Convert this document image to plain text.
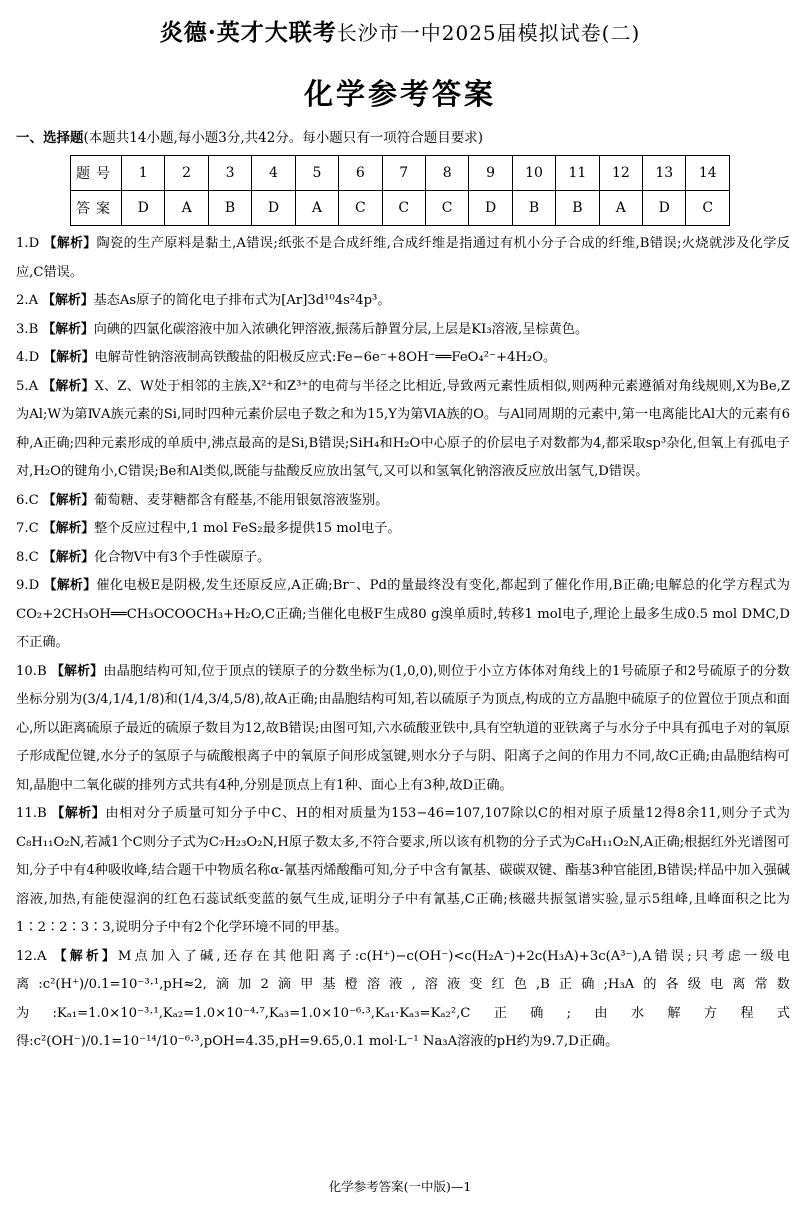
炎德·英才大联考长沙市一中2025届模拟试卷(二)
化学参考答案
一、选择题(本题共14小题,每小题3分,共42分。每小题只有一项符合题目要求)
题号	1	2	3	4	5	6	7	8	9	10	11	12	13	14
答案	D	A	B	D	A	C	C	C	D	B	B	A	D	C

1.D 【解析】陶瓷的生产原料是黏土,A错误;纸张不是合成纤维,合成纤维是指通过有机小分子合成的纤维,B错误;火烧就涉及化学反应,C错误。

2.A 【解析】基态As原子的简化电子排布式为[Ar]3d¹⁰4s²4p³。

3.B 【解析】向碘的四氯化碳溶液中加入浓碘化钾溶液,振荡后静置分层,上层是KI₃溶液,呈棕黄色。

4.D 【解析】电解苛性钠溶液制高铁酸盐的阳极反应式:Fe−6e⁻+8OH⁻══FeO₄²⁻+4H₂O。

5.A 【解析】X、Z、W处于相邻的主族,X²⁺和Z³⁺的电荷与半径之比相近,导致两元素性质相似,则两种元素遵循对角线规则,X为Be,Z为Al;W为第ⅣA族元素的Si,同时四种元素价层电子数之和为15,Y为第ⅥA族的O。与Al同周期的元素中,第一电离能比Al大的元素有6种,A正确;四种元素形成的单质中,沸点最高的是Si,B错误;SiH₄和H₂O中心原子的价层电子对数都为4,都采取sp³杂化,但氧上有孤电子对,H₂O的键角小,C错误;Be和Al类似,既能与盐酸反应放出氢气,又可以和氢氧化钠溶液反应放出氢气,D错误。

6.C 【解析】葡萄糖、麦芽糖都含有醛基,不能用银氨溶液鉴别。

7.C 【解析】整个反应过程中,1 mol FeS₂最多提供15 mol电子。

8.C 【解析】化合物V中有3个手性碳原子。

9.D 【解析】催化电极E是阴极,发生还原反应,A正确;Br⁻、Pd的量最终没有变化,都起到了催化作用,B正确;电解总的化学方程式为CO₂+2CH₃OH══CH₃OCOOCH₃+H₂O,C正确;当催化电极F生成80 g溴单质时,转移1 mol电子,理论上最多生成0.5 mol DMC,D不正确。

10.B 【解析】由晶胞结构可知,位于顶点的镁原子的分数坐标为(1,0,0),则位于小立方体体对角线上的1号硫原子和2号硫原子的分数坐标分别为(3/4,1/4,1/8)和(1/4,3/4,5/8),故A正确;由晶胞结构可知,若以硫原子为顶点,构成的立方晶胞中硫原子的位置位于顶点和面心,所以距离硫原子最近的硫原子数目为12,故B错误;由图可知,六水硫酸亚铁中,具有空轨道的亚铁离子与水分子中具有孤电子对的氧原子形成配位键,水分子的氢原子与硫酸根离子中的氧原子间形成氢键,则水分子与阴、阳离子之间的作用力不同,故C正确;由晶胞结构可知,晶胞中二氧化碳的排列方式共有4种,分别是顶点上有1种、面心上有3种,故D正确。

11.B 【解析】由相对分子质量可知分子中C、H的相对质量为153−46=107,107除以C的相对原子质量12得8余11,则分子式为C₈H₁₁O₂N,若减1个C则分子式为C₇H₂₃O₂N,H原子数太多,不符合要求,所以该有机物的分子式为C₈H₁₁O₂N,A正确;根据红外光谱图可知,分子中有4种吸收峰,结合题干中物质名称α-氰基丙烯酸酯可知,分子中含有氰基、碳碳双键、酯基3种官能团,B错误;样品中加入强碱溶液,加热,有能使湿润的红色石蕊试纸变蓝的氨气生成,证明分子中有氰基,C正确;核磁共振氢谱实验,显示5组峰,且峰面积之比为1∶2∶2∶3∶3,说明分子中有2个化学环境不同的甲基。

12.A 【解析】M点加入了碱,还存在其他阳离子:c(H⁺)−c(OH⁻)<c(H₂A⁻)+2c(H₃A)+3c(A³⁻),A错误;只考虑一级电离:c²(H⁺)/0.1=10⁻³·¹,pH≈2,滴加2滴甲基橙溶液,溶液变红色,B正确;H₃A的各级电离常数为:Kₐ₁=1.0×10⁻³·¹,Kₐ₂=1.0×10⁻⁴·⁷,Kₐ₃=1.0×10⁻⁶·³,Kₐ₁·Kₐ₃=Kₐ₂²,C正确;由水解方程式得:c²(OH⁻)/0.1=10⁻¹⁴/10⁻⁶·³,pOH=4.35,pH=9.65,0.1 mol·L⁻¹ Na₃A溶液的pH约为9.7,D正确。

化学参考答案(一中版)—1
